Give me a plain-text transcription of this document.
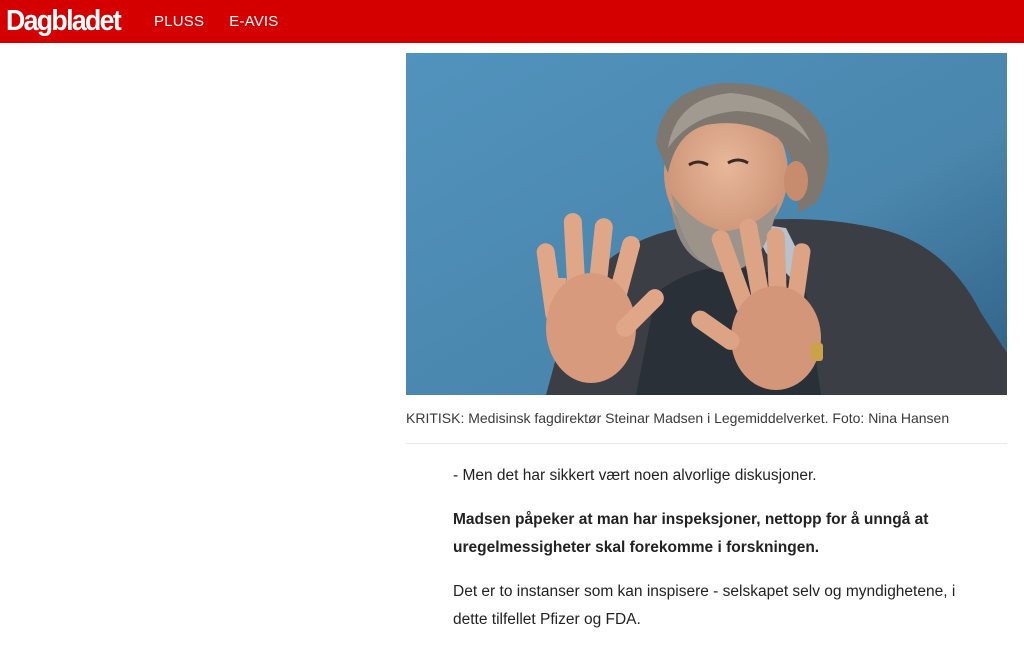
Dagbladet PLUSS E-AVIS
KRITISK: Medisinsk fagdirektør Steinar Madsen i Legemiddelverket. Foto: Nina Hansen

- Men det har sikkert vært noen alvorlige diskusjoner.

Madsen påpeker at man har inspeksjoner, nettopp for å unngå at uregelmessigheter skal forekomme i forskningen.

Det er to instanser som kan inspisere - selskapet selv og myndighetene, i dette tilfellet Pfizer og FDA.
